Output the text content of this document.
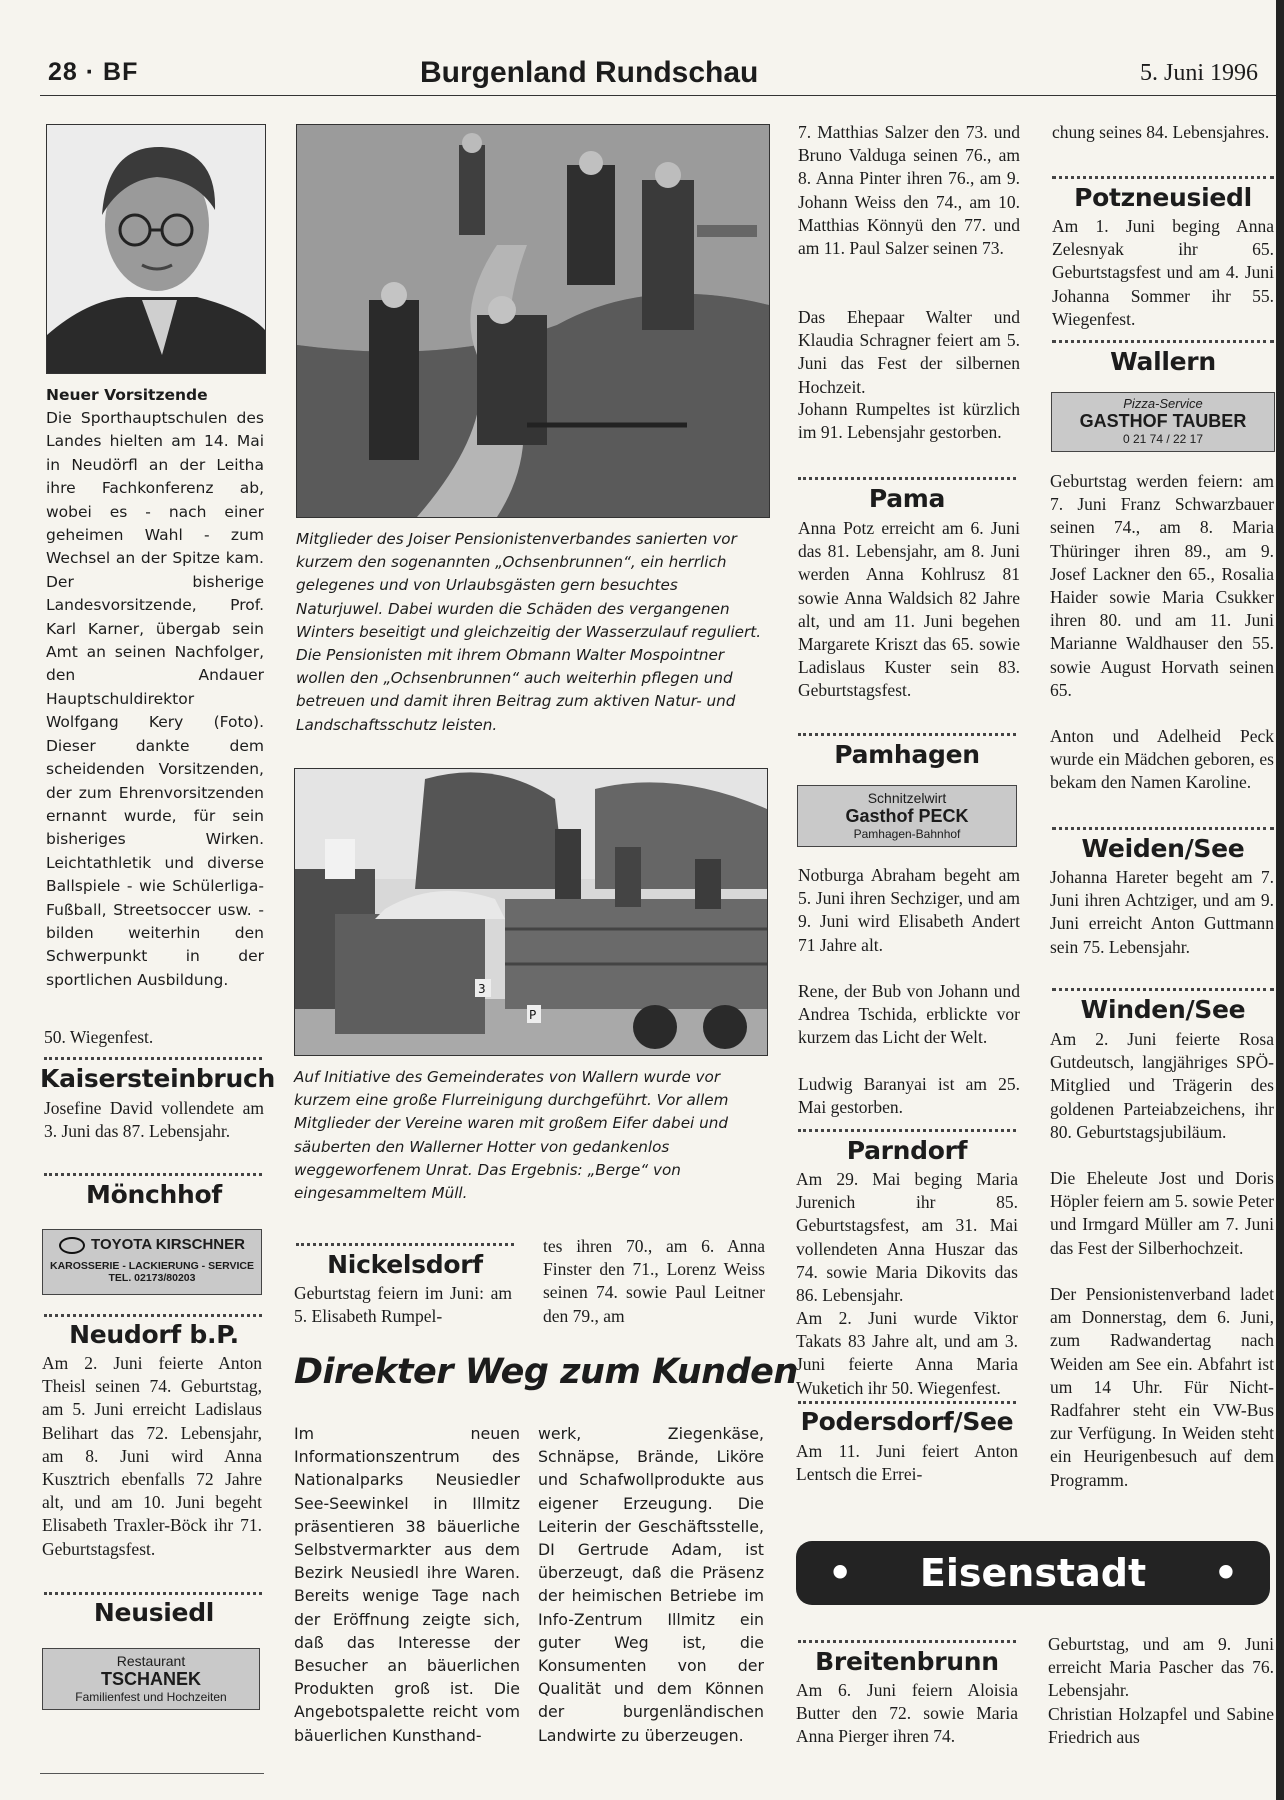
28 · BF	Burgenland Rundschau	5. Juni 1996
Neuer Vorsitzende
Die Sporthauptschulen des Landes hielten am 14. Mai in Neudörfl an der Leitha ihre Fachkonferenz ab, wobei es - nach einer geheimen Wahl - zum Wechsel an der Spitze kam. Der bisherige Landesvorsitzende, Prof. Karl Karner, übergab sein Amt an seinen Nachfolger, den Andauer Hauptschuldirektor Wolfgang Kery (Foto). Dieser dankte dem scheidenden Vorsitzenden, der zum Ehrenvorsitzenden ernannt wurde, für sein bisheriges Wirken. Leichtathletik und diverse Ballspiele - wie Schülerliga-Fußball, Streetsoccer usw. - bilden weiterhin den Schwerpunkt in der sportlichen Ausbildung.
50. Wiegenfest.
Kaisersteinbruch
Josefine David vollendete am 3. Juni das 87. Lebensjahr.
Mönchhof
TOYOTA KIRSCHNER
KAROSSERIE - LACKIERUNG - SERVICE
TEL. 02173/80203
Neudorf b.P.
Am 2. Juni feierte Anton Theisl seinen 74. Geburtstag, am 5. Juni erreicht Ladislaus Belihart das 72. Lebensjahr, am 8. Juni wird Anna Kusztrich ebenfalls 72 Jahre alt, und am 10. Juni begeht Elisabeth Traxler-Böck ihr 71. Geburtstagsfest.
Neusiedl
Restaurant
TSCHANEK
Familienfest und Hochzeiten
Mitglieder des Joiser Pensionistenverbandes sanierten vor kurzem den sogenannten „Ochsenbrunnen“, ein herrlich gelegenes und von Urlaubsgästen gern besuchtes Naturjuwel. Dabei wurden die Schäden des vergangenen Winters beseitigt und gleichzeitig der Wasserzulauf reguliert. Die Pensionisten mit ihrem Obmann Walter Mospointner wollen den „Ochsenbrunnen“ auch weiterhin pflegen und betreuen und damit ihren Beitrag zum aktiven Natur- und Landschaftsschutz leisten.
3
P
Auf Initiative des Gemeinderates von Wallern wurde vor kurzem eine große Flurreinigung durchgeführt. Vor allem Mitglieder der Vereine waren mit großem Eifer dabei und säuberten den Wallerner Hotter von gedankenlos weggeworfenem Unrat. Das Ergebnis: „Berge“ von eingesammeltem Müll.
Nickelsdorf
Geburtstag feiern im Juni: am 5. Elisabeth Rumpel-
tes ihren 70., am 6. Anna Finster den 71., Lorenz Weiss seinen 74. sowie Paul Leitner den 79., am
Direkter Weg zum Kunden
Im neuen Informationszentrum des Nationalparks Neusiedler See-Seewinkel in Illmitz präsentieren 38 bäuerliche Selbstvermarkter aus dem Bezirk Neusiedl ihre Waren. Bereits wenige Tage nach der Eröffnung zeigte sich, daß das Interesse der Besucher an bäuerlichen Produkten groß ist. Die Angebotspalette reicht vom bäuerlichen Kunsthand-
werk, Ziegenkäse, Schnäpse, Brände, Liköre und Schafwollprodukte aus eigener Erzeugung. Die Leiterin der Geschäftsstelle, DI Gertrude Adam, ist überzeugt, daß die Präsenz der heimischen Betriebe im Info-Zentrum Illmitz ein guter Weg ist, die Konsumenten von der Qualität und dem Können der burgenländischen Landwirte zu überzeugen.
7. Matthias Salzer den 73. und Bruno Valduga seinen 76., am 8. Anna Pinter ihren 76., am 9. Johann Weiss den 74., am 10. Matthias Könnyü den 77. und am 11. Paul Salzer seinen 73.
Das Ehepaar Walter und Klaudia Schragner feiert am 5. Juni das Fest der silbernen Hochzeit.
Johann Rumpeltes ist kürzlich im 91. Lebensjahr gestorben.
Pama
Anna Potz erreicht am 6. Juni das 81. Lebensjahr, am 8. Juni werden Anna Kohlrusz 81 sowie Anna Waldsich 82 Jahre alt, und am 11. Juni begehen Margarete Kriszt das 65. sowie Ladislaus Kuster sein 83. Geburtstagsfest.
Pamhagen
Schnitzelwirt
Gasthof PECK
Pamhagen-Bahnhof
Notburga Abraham begeht am 5. Juni ihren Sechziger, und am 9. Juni wird Elisabeth Andert 71 Jahre alt.
Rene, der Bub von Johann und Andrea Tschida, erblickte vor kurzem das Licht der Welt.
Ludwig Baranyai ist am 25. Mai gestorben.
Parndorf
Am 29. Mai beging Maria Jurenich ihr 85. Geburtstagsfest, am 31. Mai vollendeten Anna Huszar das 74. sowie Maria Dikovits das 86. Lebensjahr.
Am 2. Juni wurde Viktor Takats 83 Jahre alt, und am 3. Juni feierte Anna Maria Wuketich ihr 50. Wiegenfest.
Podersdorf/See
Am 11. Juni feiert Anton Lentsch die Errei-
chung seines 84. Lebensjahres.
Potzneusiedl
Am 1. Juni beging Anna Zelesnyak ihr 65. Geburtstagsfest und am 4. Juni Johanna Sommer ihr 55. Wiegenfest.
Wallern
Pizza-Service
GASTHOF TAUBER
0 21 74 / 22 17
Geburtstag werden feiern: am 7. Juni Franz Schwarzbauer seinen 74., am 8. Maria Thüringer ihren 89., am 9. Josef Lackner den 65., Rosalia Haider sowie Maria Csukker ihren 80. und am 11. Juni Marianne Waldhauser den 55. sowie August Horvath seinen 65.
Anton und Adelheid Peck wurde ein Mädchen geboren, es bekam den Namen Karoline.
Weiden/See
Johanna Hareter begeht am 7. Juni ihren Achtziger, und am 9. Juni erreicht Anton Guttmann sein 75. Lebensjahr.
Winden/See
Am 2. Juni feierte Rosa Gutdeutsch, langjähriges SPÖ-Mitglied und Trägerin des goldenen Parteiabzeichens, ihr 80. Geburtstagsjubiläum.
Die Eheleute Jost und Doris Höpler feiern am 5. sowie Peter und Irmgard Müller am 7. Juni das Fest der Silberhochzeit.
Der Pensionistenverband ladet am Donnerstag, dem 6. Juni, zum Radwandertag nach Weiden am See ein. Abfahrt ist um 14 Uhr. Für Nicht-Radfahrer steht ein VW-Bus zur Verfügung. In Weiden steht ein Heurigenbesuch auf dem Programm.
• Eisenstadt •
Breitenbrunn
Am 6. Juni feiern Aloisia Butter den 72. sowie Maria Anna Pierger ihren 74.
Geburtstag, und am 9. Juni erreicht Maria Pascher das 76. Lebensjahr.
Christian Holzapfel und Sabine Friedrich aus
